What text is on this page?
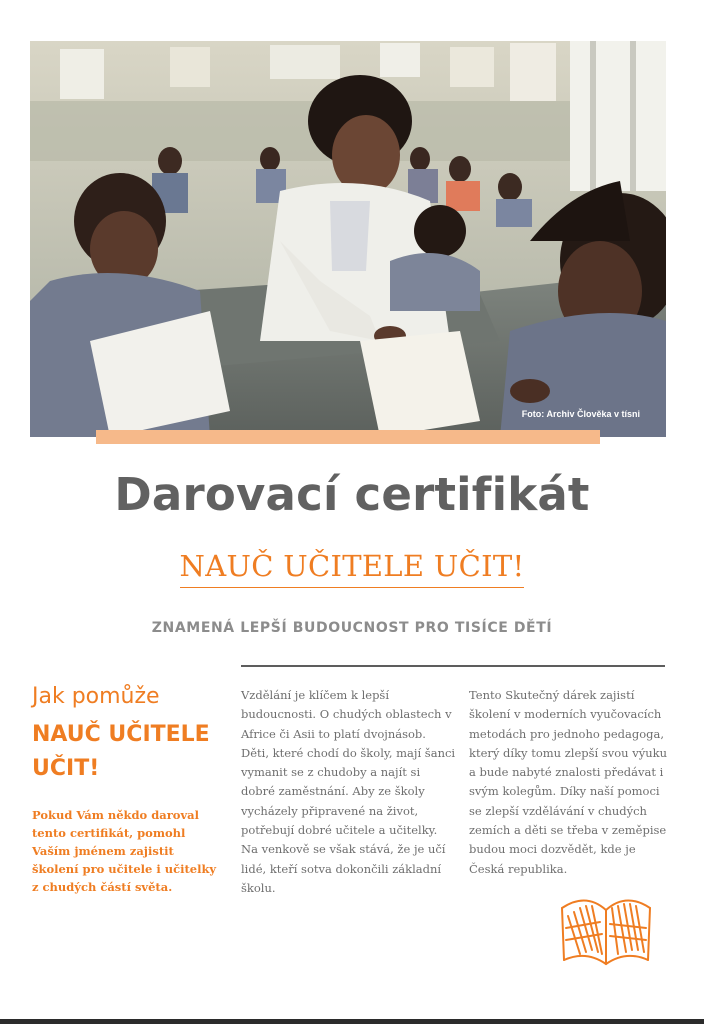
Foto: Archiv Člověka v tísni
Darovací certifikát
NAUČ UČITELE UČIT!
ZNAMENÁ LEPŠÍ BUDOUCNOST PRO TISÍCE DĚTÍ
Jak pomůže
NAUČ UČITELE UČIT!

Pokud Vám někdo daroval tento certifikát, pomohl Vaším jménem zajistit školení pro učitele i učitelky z chudých částí světa.

Vzdělání je klíčem k lepší budoucnosti. O chudých oblastech v Africe či Asii to platí dvojnásob. Děti, které chodí do školy, mají šanci vymanit se z chudoby a najít si dobré zaměstnání. Aby ze školy vycházely připravené na život, potřebují dobré učitele a učitelky. Na venkově se však stává, že je učí lidé, kteří sotva dokončili základní školu.

Tento Skutečný dárek zajistí školení v moderních vyučovacích metodách pro jednoho pedagoga, který díky tomu zlepší svou výuku a bude nabyté znalosti předávat i svým kolegům. Díky naší pomoci se zlepší vzdělávání v chudých zemích a děti se třeba v zeměpise budou moci dozvědět, kde je Česká republika.
